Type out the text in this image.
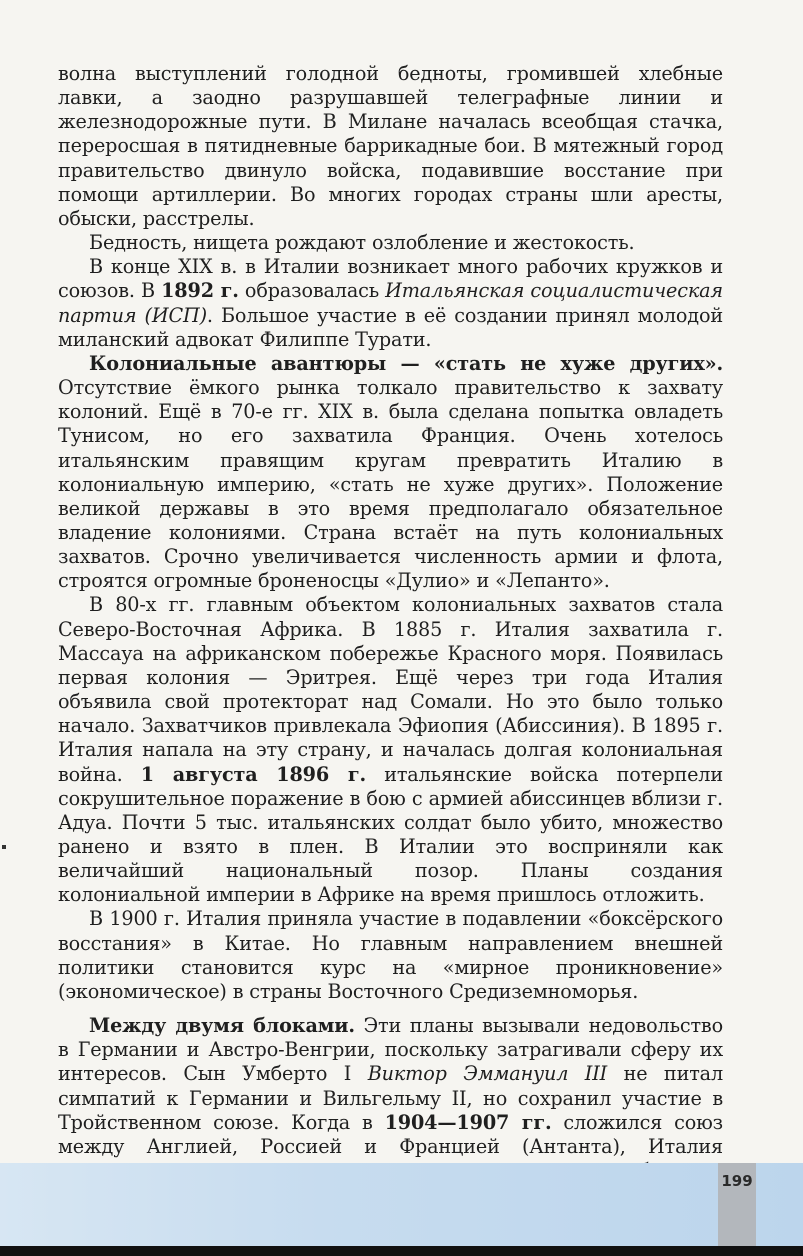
волна выступлений голодной бедноты, громившей хлебные лавки, а заодно разрушавшей телеграфные линии и железнодорожные пути. В Милане началась всеобщая стачка, переросшая в пятидневные баррикадные бои. В мятежный город правительство двинуло войска, подавившие восстание при помощи артиллерии. Во многих городах страны шли аресты, обыски, расстрелы.

Бедность, нищета рождают озлобление и жестокость.

В конце XIX в. в Италии возникает много рабочих кружков и союзов. В 1892 г. образовалась Итальянская социалистическая партия (ИСП). Большое участие в её создании принял молодой миланский адвокат Филиппе Турати.

Колониальные авантюры — «стать не хуже других». Отсутствие ёмкого рынка толкало правительство к захвату колоний. Ещё в 70-е гг. XIX в. была сделана попытка овладеть Тунисом, но его захватила Франция. Очень хотелось итальянским правящим кругам превратить Италию в колониальную империю, «стать не хуже других». Положение великой державы в это время предполагало обязательное владение колониями. Страна встаёт на путь колониальных захватов. Срочно увеличивается численность армии и флота, строятся огромные броненосцы «Дулио» и «Лепанто».

В 80-х гг. главным объектом колониальных захватов стала Северо-Восточная Африка. В 1885 г. Италия захватила г. Массауа на африканском побережье Красного моря. Появилась первая колония — Эритрея. Ещё через три года Италия объявила свой протекторат над Сомали. Но это было только начало. Захватчиков привлекала Эфиопия (Абиссиния). В 1895 г. Италия напала на эту страну, и началась долгая колониальная война. 1 августа 1896 г. итальянские войска потерпели сокрушительное поражение в бою с армией абиссинцев вблизи г. Адуа. Почти 5 тыс. итальянских солдат было убито, множество ранено и взято в плен. В Италии это восприняли как величайший национальный позор. Планы создания колониальной империи в Африке на время пришлось отложить.

В 1900 г. Италия приняла участие в подавлении «боксёрского восстания» в Китае. Но главным направлением внешней политики становится курс на «мирное проникновение» (экономическое) в страны Восточного Средиземноморья.

Между двумя блоками. Эти планы вызывали недовольство в Германии и Австро-Венгрии, поскольку затрагивали сферу их интересов. Сын Умберто I Виктор Эммануил III не питал симпатий к Германии и Вильгельму II, но сохранил участие в Тройственном союзе. Когда в 1904—1907 гг. сложился союз между Англией, Россией и Францией (Антанта), Италия

199
